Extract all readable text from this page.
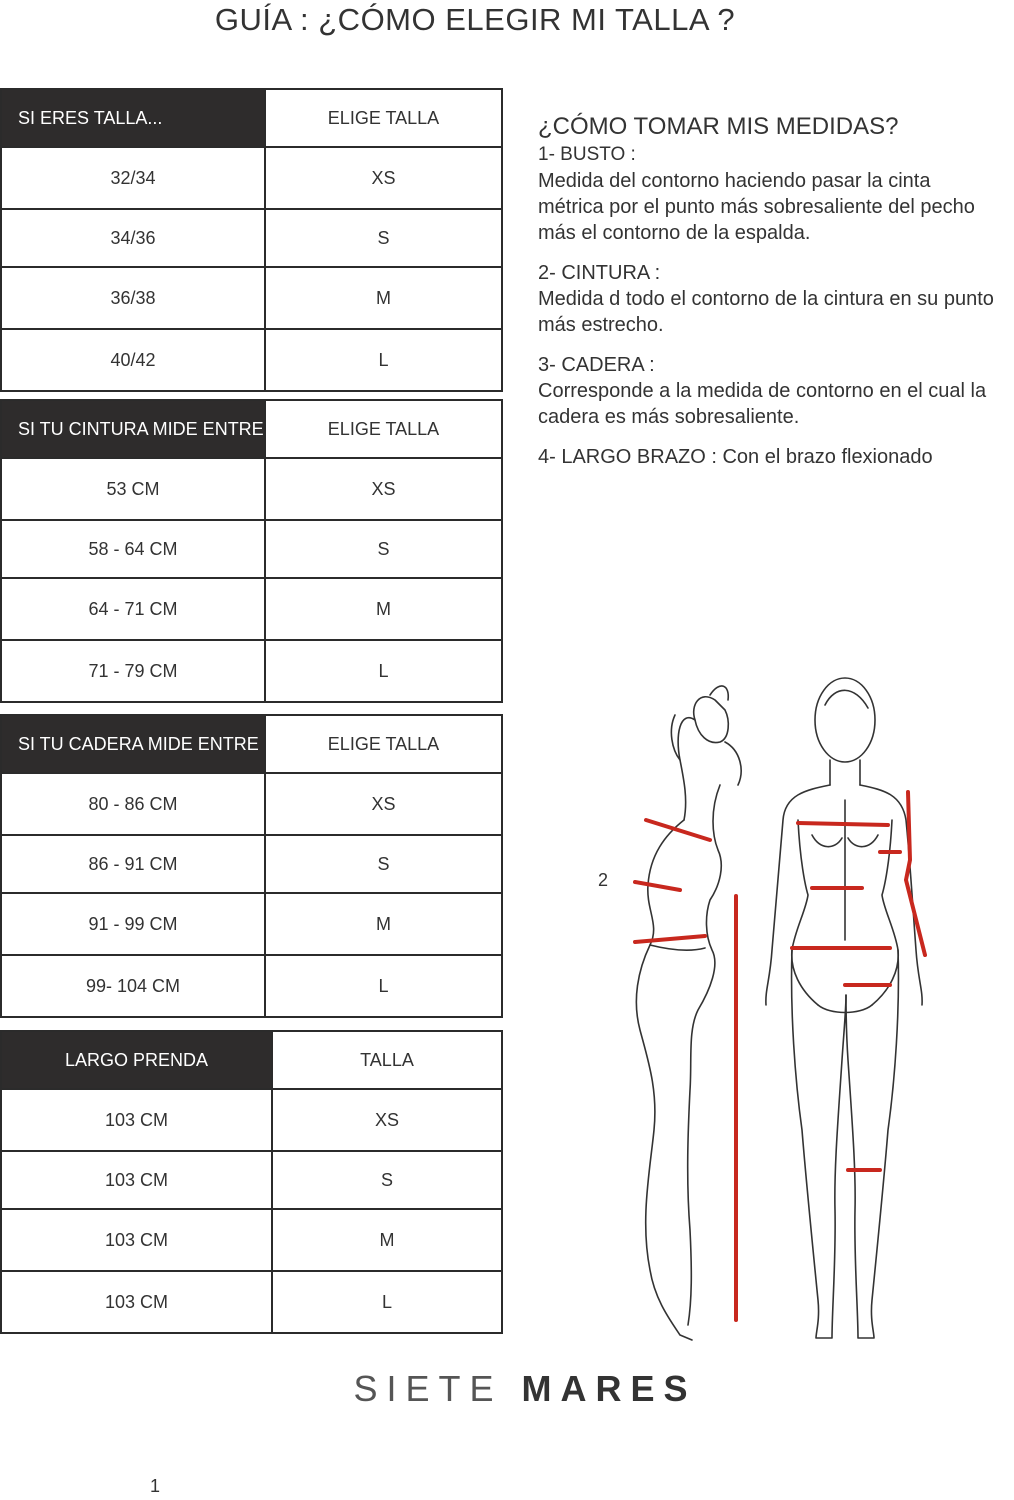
GUÍA : ¿CÓMO ELEGIR MI TALLA ?
SI ERES TALLA...	ELIGE TALLA
32/34	XS
34/36	S
36/38	M
40/42	L
SI TU CINTURA MIDE ENTRE	ELIGE TALLA
53 CM	XS
58 - 64 CM	S
64 - 71 CM	M
71 - 79 CM	L
SI TU CADERA MIDE ENTRE	ELIGE TALLA
80 - 86 CM	XS
86 - 91 CM	S
91 - 99 CM	M
99- 104 CM	L
LARGO PRENDA	TALLA
103 CM	XS
103 CM	S
103 CM	M
103 CM	L
¿CÓMO TOMAR MIS MEDIDAS?
1- BUSTO :
Medida del contorno haciendo pasar la cinta métrica por el punto más sobresaliente del pecho más el contorno de la espalda.
2- CINTURA :
Medida d todo el contorno de la cintura en su punto más estrecho.
3- CADERA :
Corresponde a la medida de contorno en el cual la cadera es más sobresaliente.
4- LARGO BRAZO : Con el brazo flexionado
2
SIETE MARES
1
